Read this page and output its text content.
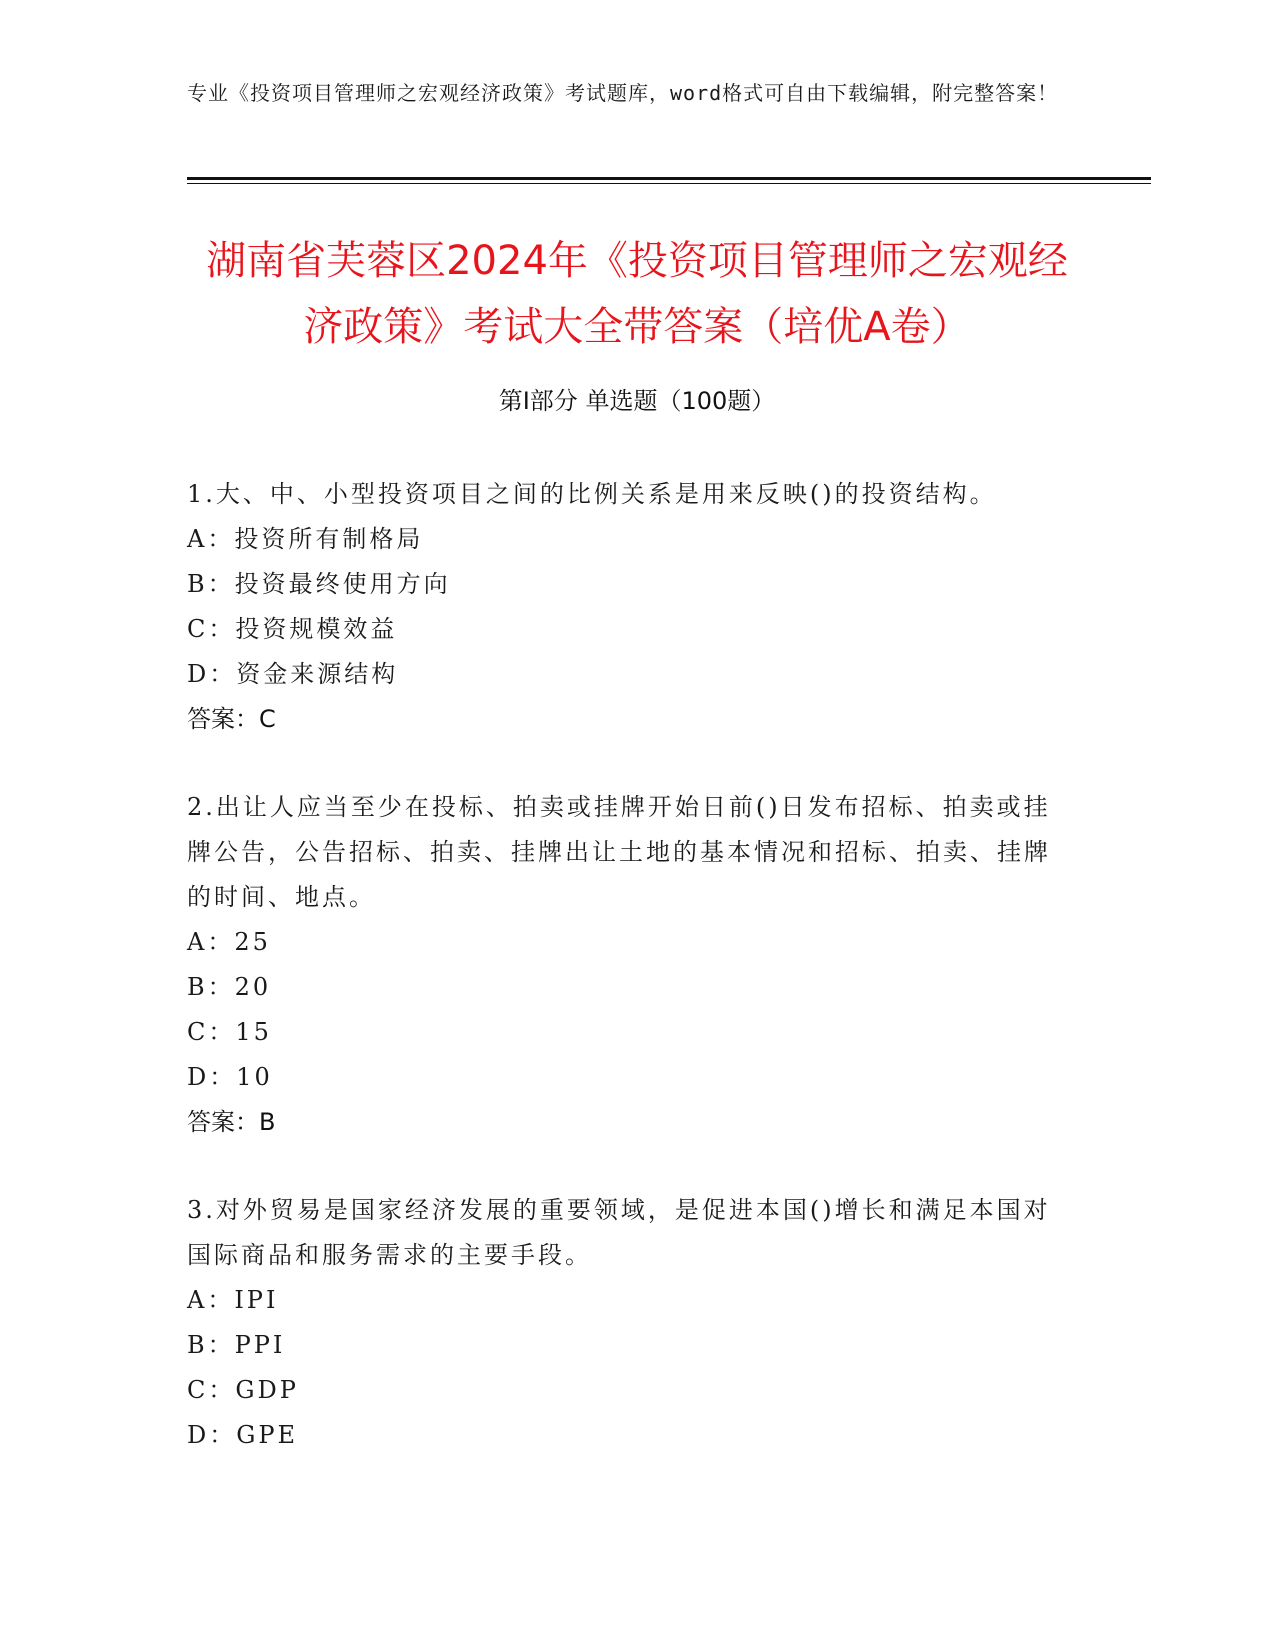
专业《投资项目管理师之宏观经济政策》考试题库，word格式可自由下载编辑，附完整答案！
湖南省芙蓉区2024年《投资项目管理师之宏观经济政策》考试大全带答案（培优A卷）
第Ⅰ部分 单选题（100题）
1.大、中、小型投资项目之间的比例关系是用来反映()的投资结构。
A：投资所有制格局
B：投资最终使用方向
C：投资规模效益
D：资金来源结构
答案：C
2.出让人应当至少在投标、拍卖或挂牌开始日前()日发布招标、拍卖或挂牌公告，公告招标、拍卖、挂牌出让土地的基本情况和招标、拍卖、挂牌的时间、地点。
A：25
B：20
C：15
D：10
答案：B
3.对外贸易是国家经济发展的重要领域，是促进本国()增长和满足本国对国际商品和服务需求的主要手段。
A：IPI
B：PPI
C：GDP
D：GPE
